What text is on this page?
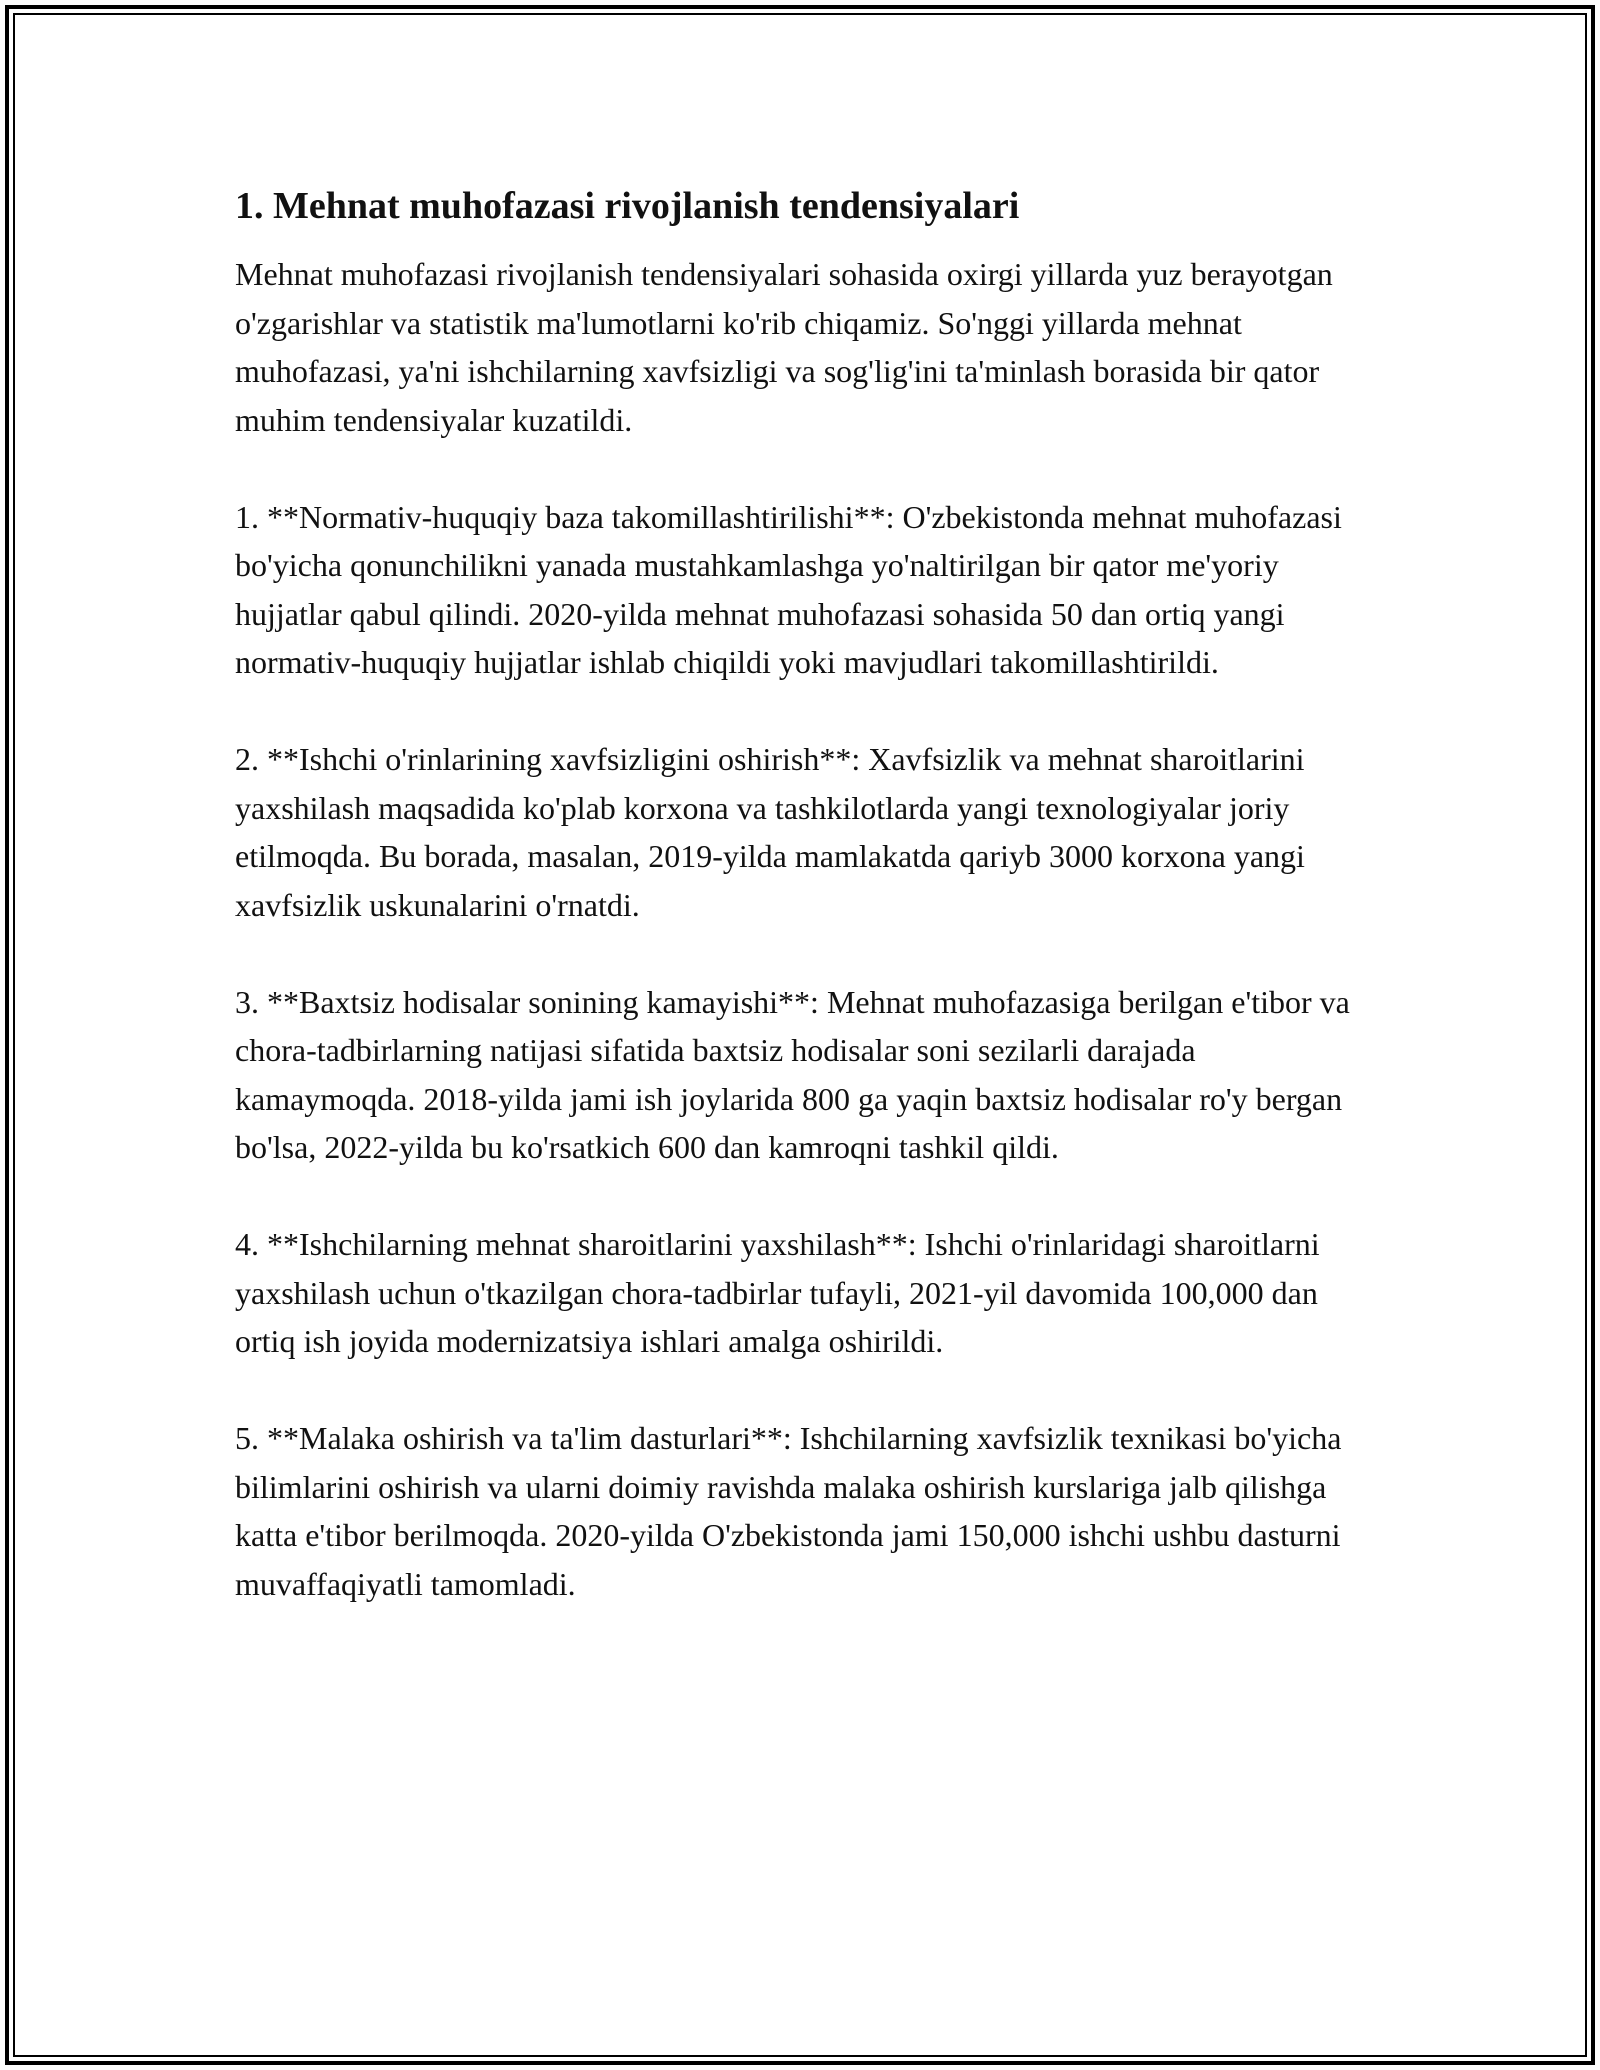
1. Mehnat muhofazasi rivojlanish tendensiyalari

Mehnat muhofazasi rivojlanish tendensiyalari sohasida oxirgi yillarda yuz berayotgan o'zgarishlar va statistik ma'lumotlarni ko'rib chiqamiz. So'nggi yillarda mehnat muhofazasi, ya'ni ishchilarning xavfsizligi va sog'lig'ini ta'minlash borasida bir qator muhim tendensiyalar kuzatildi.

1. **Normativ-huquqiy baza takomillashtirilishi**: O'zbekistonda mehnat muhofazasi bo'yicha qonunchilikni yanada mustahkamlashga yo'naltirilgan bir qator me'yoriy hujjatlar qabul qilindi. 2020-yilda mehnat muhofazasi sohasida 50 dan ortiq yangi normativ-huquqiy hujjatlar ishlab chiqildi yoki mavjudlari takomillashtirildi.

2. **Ishchi o'rinlarining xavfsizligini oshirish**: Xavfsizlik va mehnat sharoitlarini yaxshilash maqsadida ko'plab korxona va tashkilotlarda yangi texnologiyalar joriy etilmoqda. Bu borada, masalan, 2019-yilda mamlakatda qariyb 3000 korxona yangi xavfsizlik uskunalarini o'rnatdi.

3. **Baxtsiz hodisalar sonining kamayishi**: Mehnat muhofazasiga berilgan e'tibor va chora-tadbirlarning natijasi sifatida baxtsiz hodisalar soni sezilarli darajada kamaymoqda. 2018-yilda jami ish joylarida 800 ga yaqin baxtsiz hodisalar ro'y bergan bo'lsa, 2022-yilda bu ko'rsatkich 600 dan kamroqni tashkil qildi.

4. **Ishchilarning mehnat sharoitlarini yaxshilash**: Ishchi o'rinlaridagi sharoitlarni yaxshilash uchun o'tkazilgan chora-tadbirlar tufayli, 2021-yil davomida 100,000 dan ortiq ish joyida modernizatsiya ishlari amalga oshirildi.

5. **Malaka oshirish va ta'lim dasturlari**: Ishchilarning xavfsizlik texnikasi bo'yicha bilimlarini oshirish va ularni doimiy ravishda malaka oshirish kurslariga jalb qilishga katta e'tibor berilmoqda. 2020-yilda O'zbekistonda jami 150,000 ishchi ushbu dasturni muvaffaqiyatli tamomladi.
